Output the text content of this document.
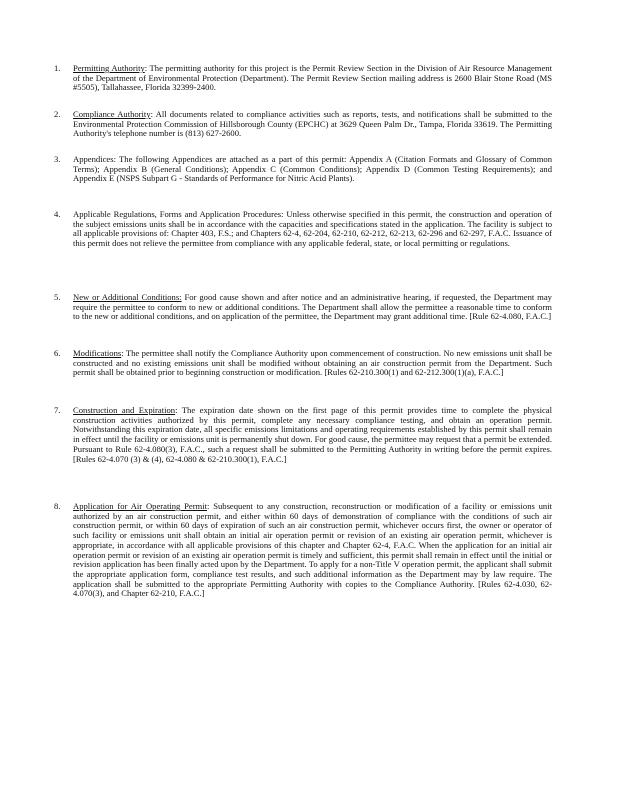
1. Permitting Authority: The permitting authority for this project is the Permit Review Section in the Division of Air Resource Management of the Department of Environmental Protection (Department). The Permit Review Section mailing address is 2600 Blair Stone Road (MS #5505), Tallahassee, Florida 32399-2400.
2. Compliance Authority: All documents related to compliance activities such as reports, tests, and notifications shall be submitted to the Environmental Protection Commission of Hillsborough County (EPCHC) at 3629 Queen Palm Dr., Tampa, Florida 33619. The Permitting Authority's telephone number is (813) 627-2600.
3. Appendices: The following Appendices are attached as a part of this permit: Appendix A (Citation Formats and Glossary of Common Terms); Appendix B (General Conditions); Appendix C (Common Conditions); Appendix D (Common Testing Requirements); and Appendix E (NSPS Subpart G - Standards of Performance for Nitric Acid Plants).
4. Applicable Regulations, Forms and Application Procedures: Unless otherwise specified in this permit, the construction and operation of the subject emissions units shall be in accordance with the capacities and specifications stated in the application. The facility is subject to all applicable provisions of: Chapter 403, F.S.; and Chapters 62-4, 62-204, 62-210, 62-212, 62-213, 62-296 and 62-297, F.A.C. Issuance of this permit does not relieve the permittee from compliance with any applicable federal, state, or local permitting or regulations.
5. New or Additional Conditions: For good cause shown and after notice and an administrative hearing, if requested, the Department may require the permittee to conform to new or additional conditions. The Department shall allow the permittee a reasonable time to conform to the new or additional conditions, and on application of the permittee, the Department may grant additional time. [Rule 62-4.080, F.A.C.]
6. Modifications: The permittee shall notify the Compliance Authority upon commencement of construction. No new emissions unit shall be constructed and no existing emissions unit shall be modified without obtaining an air construction permit from the Department. Such permit shall be obtained prior to beginning construction or modification. [Rules 62-210.300(1) and 62-212.300(1)(a), F.A.C.]
7. Construction and Expiration: The expiration date shown on the first page of this permit provides time to complete the physical construction activities authorized by this permit, complete any necessary compliance testing, and obtain an operation permit. Notwithstanding this expiration date, all specific emissions limitations and operating requirements established by this permit shall remain in effect until the facility or emissions unit is permanently shut down. For good cause, the permittee may request that a permit be extended. Pursuant to Rule 62-4.080(3), F.A.C., such a request shall be submitted to the Permitting Authority in writing before the permit expires. [Rules 62-4.070 (3) & (4), 62-4.080 & 62-210.300(1), F.A.C.]
8. Application for Air Operating Permit: Subsequent to any construction, reconstruction or modification of a facility or emissions unit authorized by an air construction permit, and either within 60 days of demonstration of compliance with the conditions of such air construction permit, or within 60 days of expiration of such an air construction permit, whichever occurs first, the owner or operator of such facility or emissions unit shall obtain an initial air operation permit or revision of an existing air operation permit, whichever is appropriate, in accordance with all applicable provisions of this chapter and Chapter 62-4, F.A.C. When the application for an initial air operation permit or revision of an existing air operation permit is timely and sufficient, this permit shall remain in effect until the initial or revision application has been finally acted upon by the Department. To apply for a non-Title V operation permit, the applicant shall submit the appropriate application form, compliance test results, and such additional information as the Department may by law require. The application shall be submitted to the appropriate Permitting Authority with copies to the Compliance Authority. [Rules 62-4.030, 62-4.070(3), and Chapter 62-210, F.A.C.]
